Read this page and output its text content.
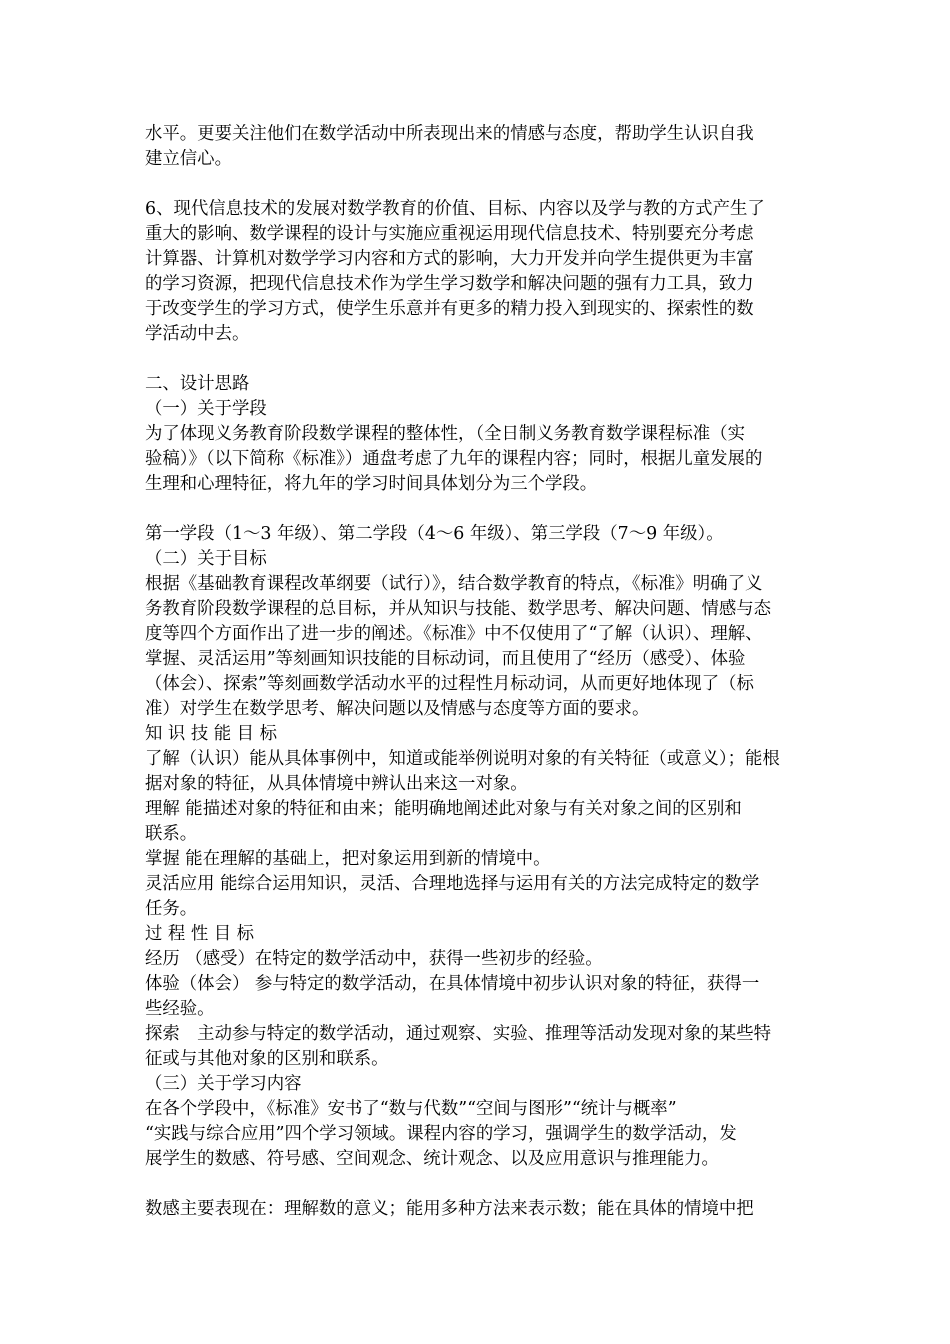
水平。更要关注他们在数学活动中所表现出来的情感与态度，帮助学生认识自我
建立信心。
6、现代信息技术的发展对数学教育的价值、目标、内容以及学与教的方式产生了
重大的影响、数学课程的设计与实施应重视运用现代信息技术、特别要充分考虑
计算器、计算机对数学学习内容和方式的影响，大力开发并向学生提供更为丰富
的学习资源，把现代信息技术作为学生学习数学和解决问题的强有力工具，致力
于改变学生的学习方式，使学生乐意并有更多的精力投入到现实的、探索性的数
学活动中去。
二、设计思路
（一）关于学段
为了体现义务教育阶段数学课程的整体性，（全日制义务教育数学课程标准（实
验稿）》（以下简称《标准》）通盘考虑了九年的课程内容；同时，根据儿童发展的
生理和心理特征，将九年的学习时间具体划分为三个学段。
第一学段（1～3 年级）、第二学段（4～6 年级）、第三学段（7～9 年级）。
（二）关于目标
根据《基础教育课程改革纲要（试行）》，结合数学教育的特点，《标准》明确了义
务教育阶段数学课程的总目标，并从知识与技能、数学思考、解决问题、情感与态
度等四个方面作出了进一步的阐述。《标准》中不仅使用了“了解（认识）、理解、
掌握、灵活运用”等刻画知识技能的目标动词，而且使用了“经历（感受）、体验
（体会）、探索”等刻画数学活动水平的过程性月标动词，从而更好地体现了（标
准）对学生在数学思考、解决问题以及情感与态度等方面的要求。
知 识 技 能 目 标
了解（认识）能从具体事例中，知道或能举例说明对象的有关特征（或意义）；能根
据对象的特征，从具体情境中辨认出来这一对象。
理解 能描述对象的特征和由来；能明确地阐述此对象与有关对象之间的区别和
联系。
掌握 能在理解的基础上，把对象运用到新的情境中。
灵活应用 能综合运用知识，灵活、合理地选择与运用有关的方法完成特定的数学
任务。
过 程 性 目 标
经历 （感受）在特定的数学活动中，获得一些初步的经验。
体验（体会） 参与特定的数学活动，在具体情境中初步认识对象的特征，获得一
些经验。
探索　主动参与特定的数学活动，通过观察、实验、推理等活动发现对象的某些特
征或与其他对象的区别和联系。
（三）关于学习内容
在各个学段中，《标准》安书了“数与代数”“空间与图形”“统计与概率”
“实践与综合应用”四个学习领域。课程内容的学习，强调学生的数学活动，发
展学生的数感、符号感、空间观念、统计观念、以及应用意识与推理能力。
数感主要表现在：理解数的意义；能用多种方法来表示数；能在具体的情境中把
